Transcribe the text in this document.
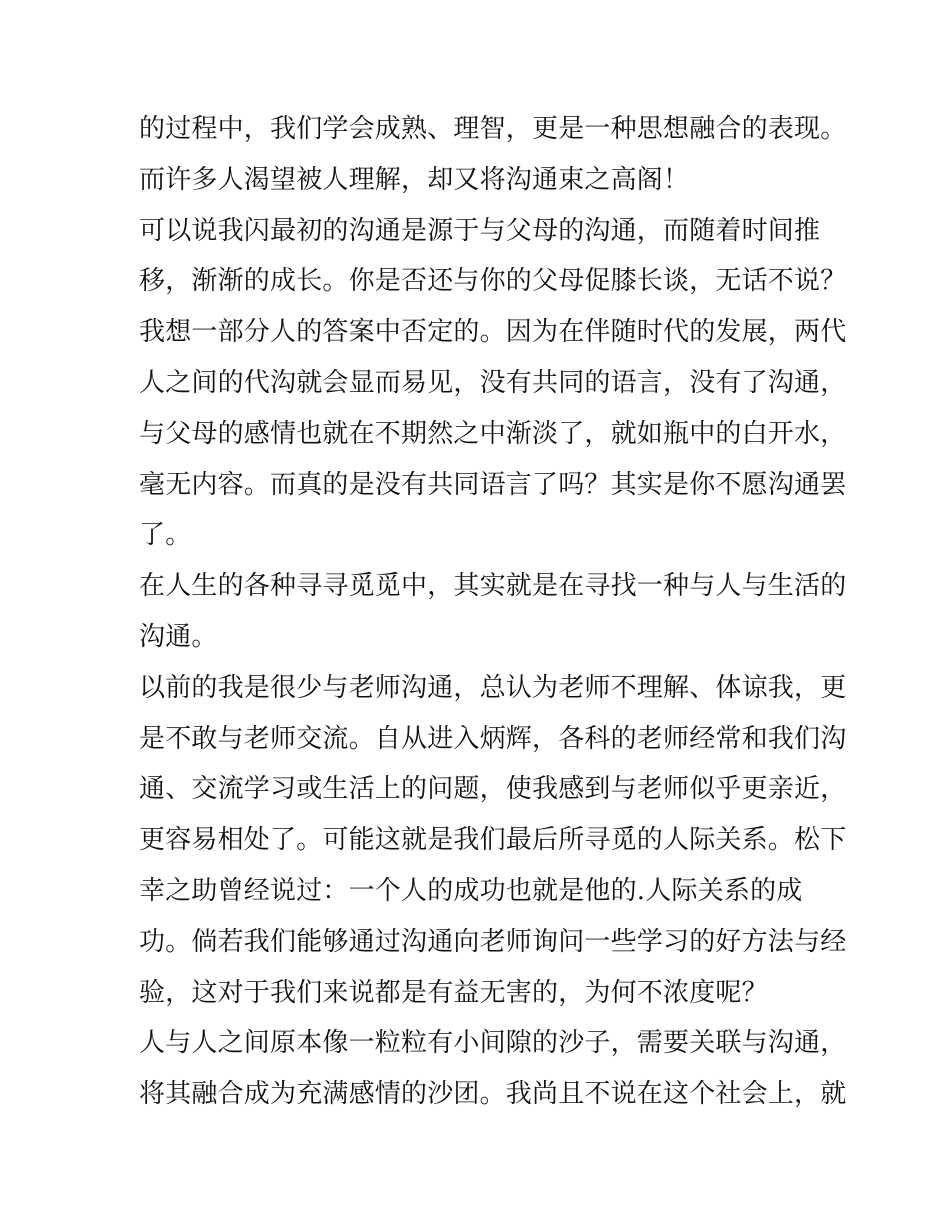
的过程中，我们学会成熟、理智，更是一种思想融合的表现。
而许多人渴望被人理解，却又将沟通束之高阁！
可以说我闪最初的沟通是源于与父母的沟通，而随着时间推
移，渐渐的成长。你是否还与你的父母促膝长谈，无话不说？
我想一部分人的答案中否定的。因为在伴随时代的发展，两代
人之间的代沟就会显而易见，没有共同的语言，没有了沟通，
与父母的感情也就在不期然之中渐淡了，就如瓶中的白开水，
毫无内容。而真的是没有共同语言了吗？其实是你不愿沟通罢
了。
在人生的各种寻寻觅觅中，其实就是在寻找一种与人与生活的
沟通。
以前的我是很少与老师沟通，总认为老师不理解、体谅我，更
是不敢与老师交流。自从进入炳辉，各科的老师经常和我们沟
通、交流学习或生活上的问题，使我感到与老师似乎更亲近，
更容易相处了。可能这就是我们最后所寻觅的人际关系。松下
幸之助曾经说过：一个人的成功也就是他的.人际关系的成
功。倘若我们能够通过沟通向老师询问一些学习的好方法与经
验，这对于我们来说都是有益无害的，为何不浓度呢？
人与人之间原本像一粒粒有小间隙的沙子，需要关联与沟通，
将其融合成为充满感情的沙团。我尚且不说在这个社会上，就
